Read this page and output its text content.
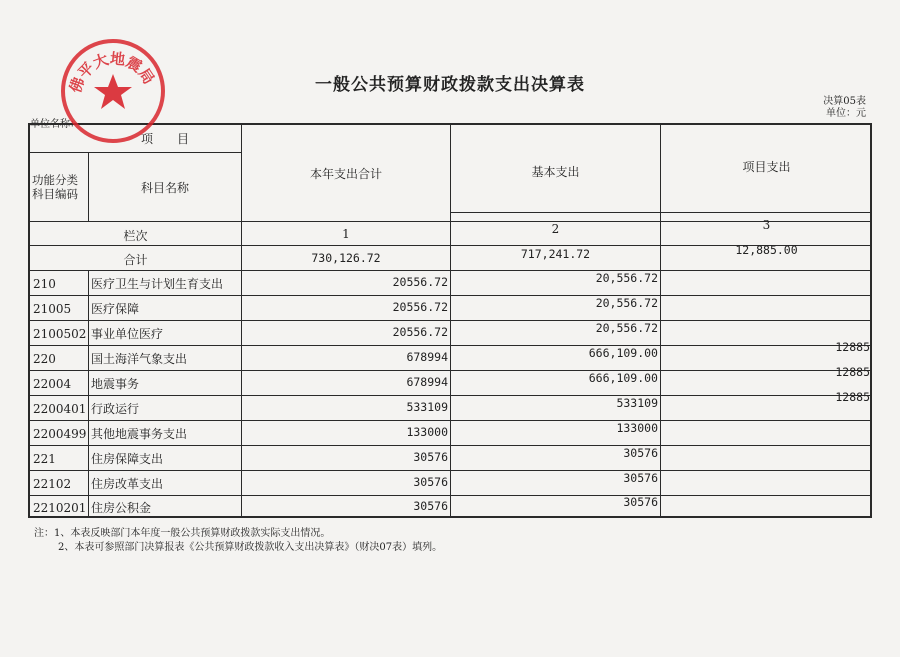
一般公共预算财政拨款支出决算表
决算05表
单位：元
单位名称：
项　　目
功能分类
科目编码	科目名称
本年支出合计	基本支出	项目支出
栏次	1	2	3
合计	730,126.72	717,241.72	12,885.00
210	医疗卫生与计划生育支出	20556.72	20,556.72
21005 医疗保障	20556.72	20,556.72
2100502 事业单位医疗	20556.72	20,556.72
220	国土海洋气象支出	678994	666,109.00	12885
22004 地震事务	678994	666,109.00	12885
2200401 行政运行	533109	533109	12885
2200499 其他地震事务支出	133000	133000
221	住房保障支出	30576	30576
22102 住房改革支出	30576	30576
2210201 住房公积金	30576	30576
注：1、本表反映部门本年度一般公共预算财政拨款实际支出情况。
2、本表可参照部门决算报表《公共预算财政拨款收入支出决算表》（财决07表）填列。
佛平大地震局
